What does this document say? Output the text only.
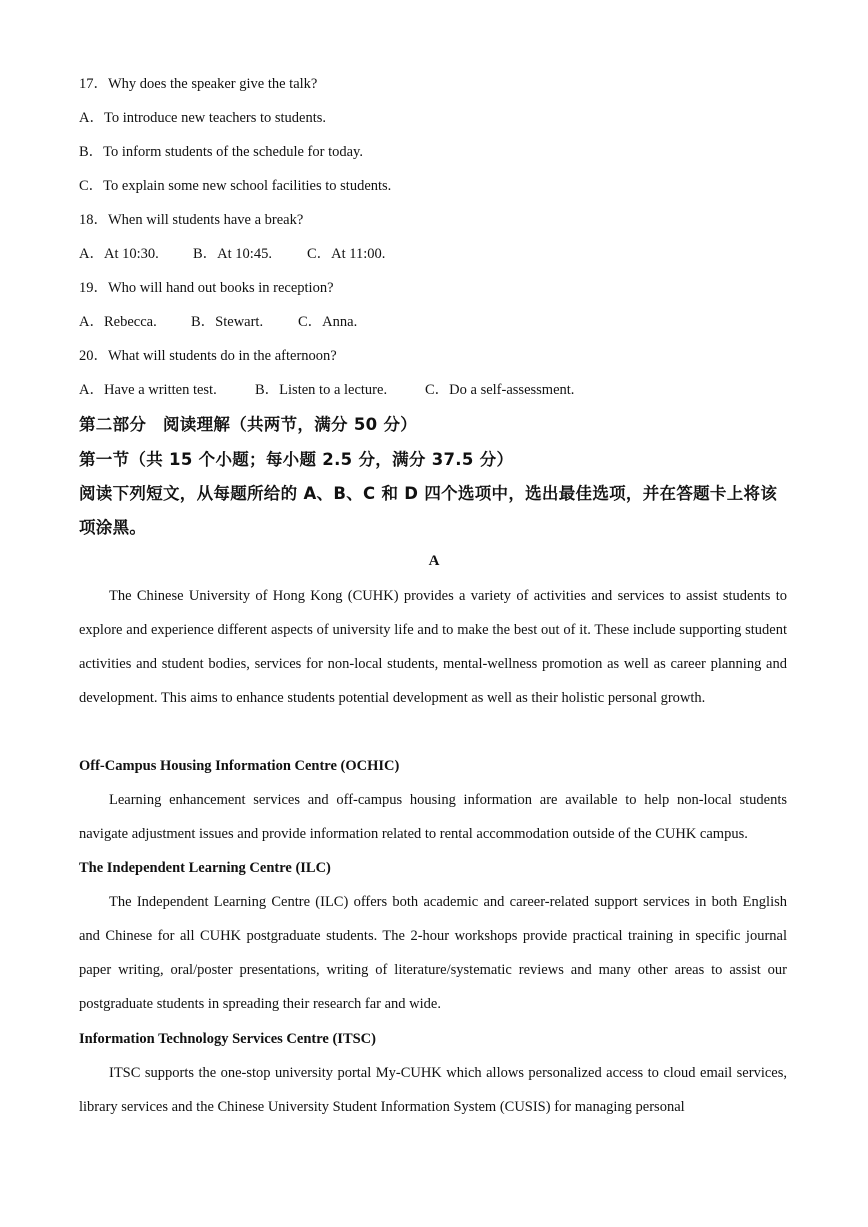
17．Why does the speaker give the talk?
A．To introduce new teachers to students.
B．To inform students of the schedule for today.
C．To explain some new school facilities to students.
18．When will students have a break?
A．At 10:30. B．At 10:45. C．At 11:00.
19．Who will hand out books in reception?
A．Rebecca. B．Stewart. C．Anna.
20．What will students do in the afternoon?
A．Have a written test.	B．Listen to a lecture.	C．Do a self-assessment.
第二部分　阅读理解（共两节，满分 50 分）
第一节（共 15 个小题；每小题 2.5 分，满分 37.5 分）
阅读下列短文，从每题所给的 A、B、C 和 D 四个选项中，选出最佳选项，并在答题卡上将该
项涂黑。
A
The Chinese University of Hong Kong (CUHK) provides a variety of activities and services to assist students to explore and experience different aspects of university life and to make the best out of it. These include supporting student activities and student bodies, services for non-local students, mental-wellness promotion as well as career planning and development. This aims to enhance students potential development as well as their holistic personal growth.
Off-Campus Housing Information Centre (OCHIC)
Learning enhancement services and off-campus housing information are available to help non-local students navigate adjustment issues and provide information related to rental accommodation outside of the CUHK campus.
The Independent Learning Centre (ILC)
The Independent Learning Centre (ILC) offers both academic and career-related support services in both English and Chinese for all CUHK postgraduate students. The 2-hour workshops provide practical training in specific journal paper writing, oral/poster presentations, writing of literature/systematic reviews and many other areas to assist our postgraduate students in spreading their research far and wide.
Information Technology Services Centre (ITSC)
ITSC supports the one-stop university portal My-CUHK which allows personalized access to cloud email services, library services and the Chinese University Student Information System (CUSIS) for managing personal
